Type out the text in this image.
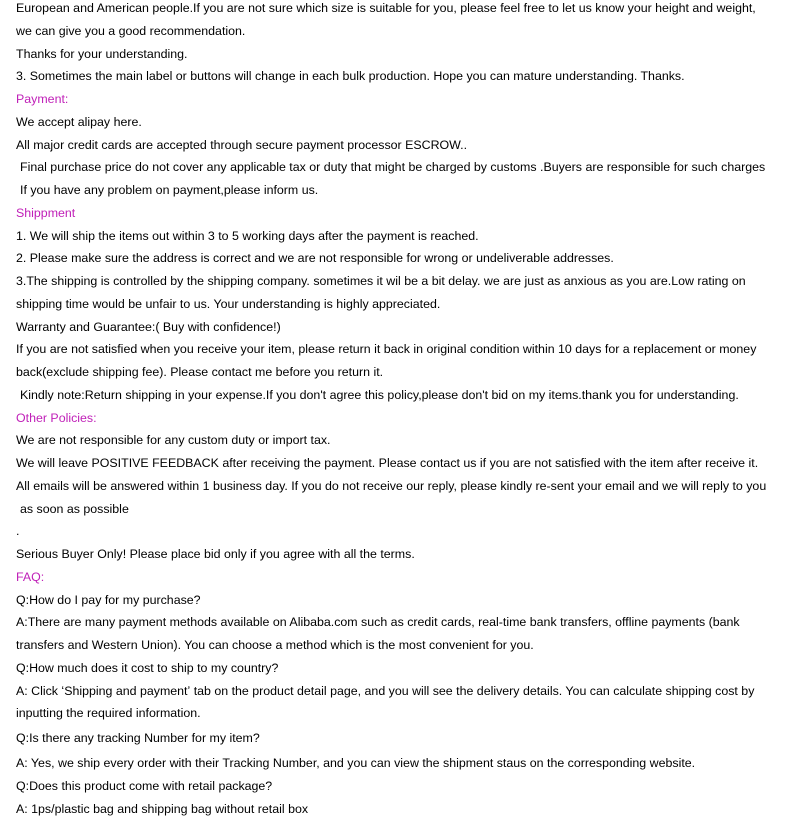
European and American people.If you are not sure which size is suitable for you, please feel free to let us know your height and weight,
we can give you a good recommendation.
Thanks for your understanding.
3. Sometimes the main label or buttons will change in each bulk production. Hope you can mature understanding. Thanks.
Payment:
We accept alipay here.
All major credit cards are accepted through secure payment processor ESCROW..
Final purchase price do not cover any applicable tax or duty that might be charged by customs .Buyers are responsible for such charges
If you have any problem on payment,please inform us.
Shippment
1. We will ship the items out within 3 to 5 working days after the payment is reached.
2. Please make sure the address is correct and we are not responsible for wrong or undeliverable addresses.
3.The shipping is controlled by the shipping company. sometimes it wil be a bit delay. we are just as anxious as you are.Low rating on
shipping time would be unfair to us. Your understanding is highly appreciated.
Warranty and Guarantee:( Buy with confidence!)
If you are not satisfied when you receive your item, please return it back in original condition within 10 days for a replacement or money
back(exclude shipping fee). Please contact me before you return it.
Kindly note:Return shipping in your expense.If you don't agree this policy,please don't bid on my items.thank you for understanding.
Other Policies:
We are not responsible for any custom duty or import tax.
We will leave POSITIVE FEEDBACK after receiving the payment. Please contact us if you are not satisfied with the item after receive it.
All emails will be answered within 1 business day. If you do not receive our reply, please kindly re-sent your email and we will reply to you
as soon as possible
.
Serious Buyer Only! Please place bid only if you agree with all the terms.
FAQ:
Q:How do I pay for my purchase?
A:There are many payment methods available on Alibaba.com such as credit cards, real-time bank transfers, offline payments (bank
transfers and Western Union). You can choose a method which is the most convenient for you.
Q:How much does it cost to ship to my country?
A: Click ʻShipping and paymentʼ tab on the product detail page, and you will see the delivery details. You can calculate shipping cost by
inputting the required information.
Q:Is there any tracking Number for my item?
A: Yes, we ship every order with their Tracking Number, and you can view the shipment staus on the corresponding website.
Q:Does this product come with retail package?
A: 1ps/plastic bag and shipping bag without retail box
